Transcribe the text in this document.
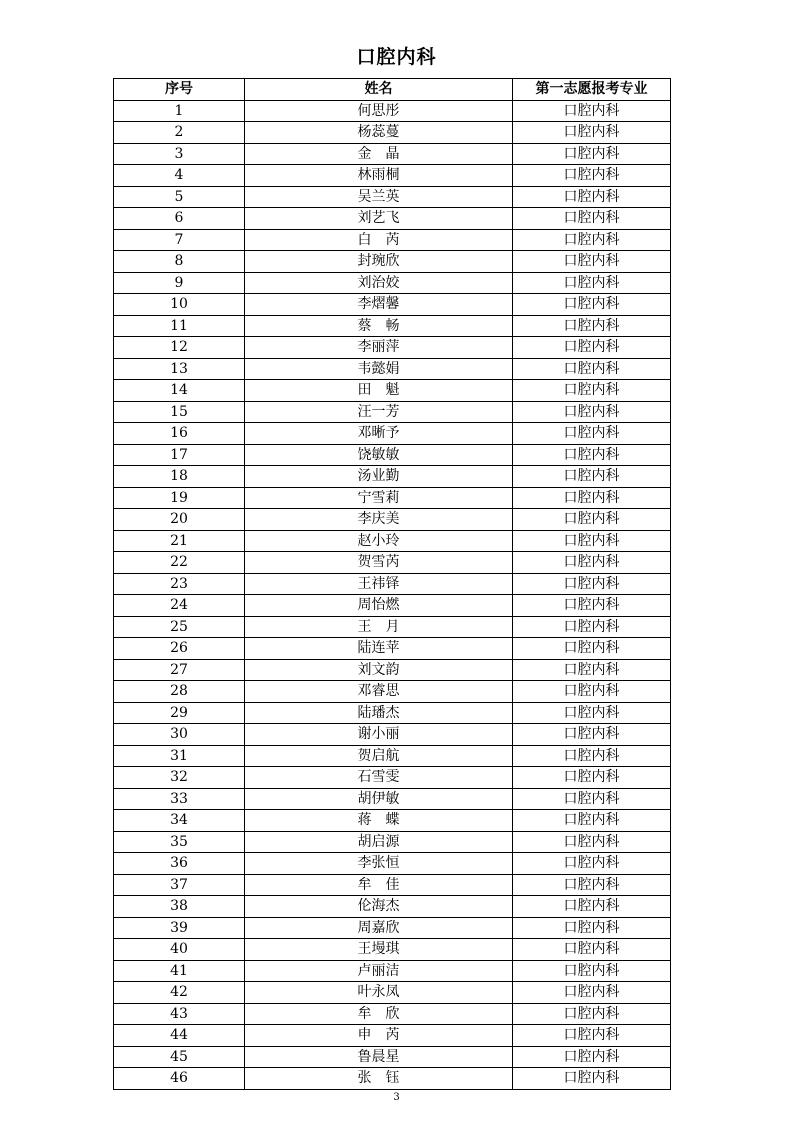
口腔内科
序号	姓名	第一志愿报考专业
1	何思彤	口腔内科
2	杨蕊蔓	口腔内科
3	金　晶	口腔内科
4	林雨桐	口腔内科
5	吴兰英	口腔内科
6	刘艺飞	口腔内科
7	白　芮	口腔内科
8	封琬欣	口腔内科
9	刘治姣	口腔内科
10	李熠馨	口腔内科
11	蔡　畅	口腔内科
12	李丽萍	口腔内科
13	韦懿娟	口腔内科
14	田　魁	口腔内科
15	汪一芳	口腔内科
16	邓晰予	口腔内科
17	饶敏敏	口腔内科
18	汤业勤	口腔内科
19	宁雪莉	口腔内科
20	李庆美	口腔内科
21	赵小玲	口腔内科
22	贺雪芮	口腔内科
23	王祎铎	口腔内科
24	周怡燃	口腔内科
25	王　月	口腔内科
26	陆连苹	口腔内科
27	刘文韵	口腔内科
28	邓睿思	口腔内科
29	陆璠杰	口腔内科
30	谢小丽	口腔内科
31	贺启航	口腔内科
32	石雪雯	口腔内科
33	胡伊敏	口腔内科
34	蒋　蝶	口腔内科
35	胡启源	口腔内科
36	李张恒	口腔内科
37	牟　佳	口腔内科
38	伦海杰	口腔内科
39	周嘉欣	口腔内科
40	王墁琪	口腔内科
41	卢丽洁	口腔内科
42	叶永凤	口腔内科
43	牟　欣	口腔内科
44	申　芮	口腔内科
45	鲁晨星	口腔内科
46	张　钰	口腔内科
3
